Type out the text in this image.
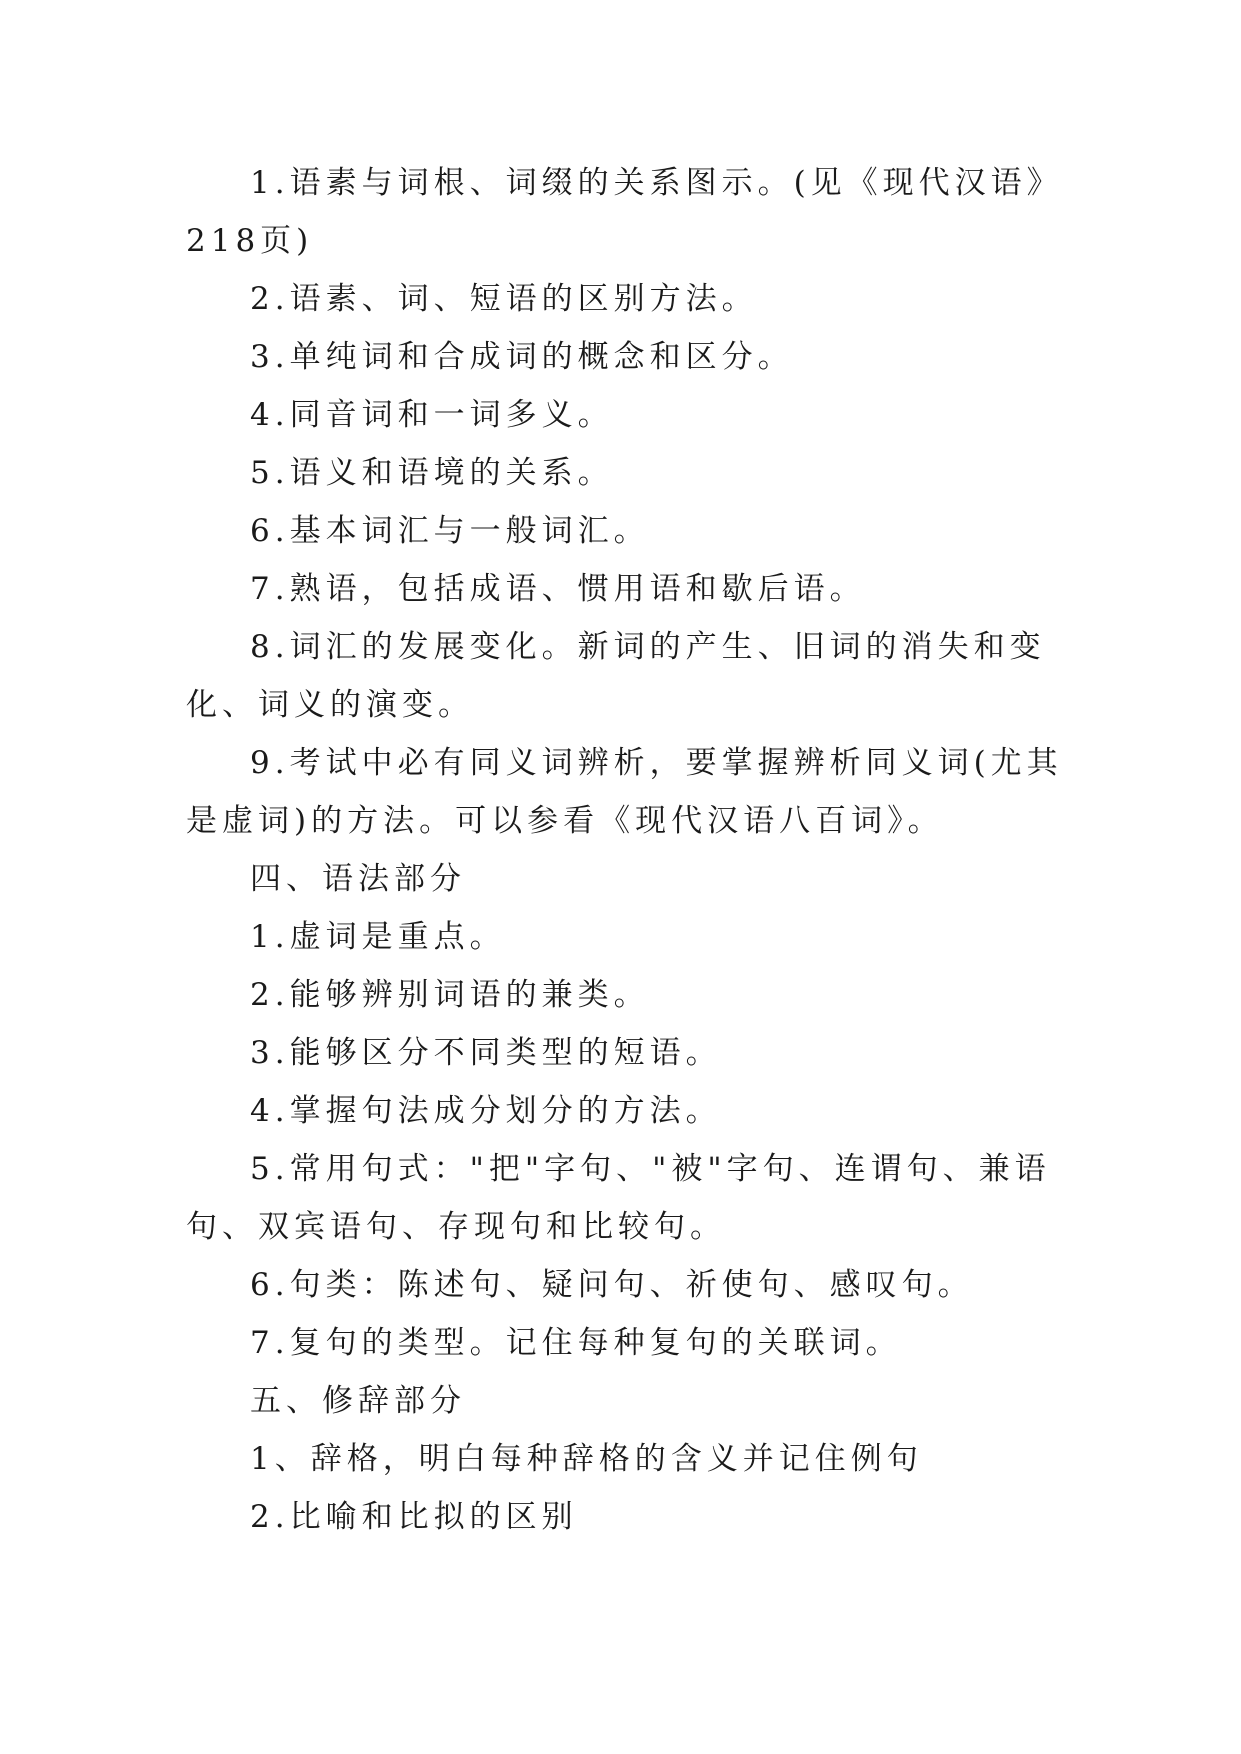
1.语素与词根、词缀的关系图示。(见《现代汉语》218页)

2.语素、词、短语的区别方法。

3.单纯词和合成词的概念和区分。

4.同音词和一词多义。

5.语义和语境的关系。

6.基本词汇与一般词汇。

7.熟语，包括成语、惯用语和歇后语。

8.词汇的发展变化。新词的产生、旧词的消失和变化、词义的演变。

9.考试中必有同义词辨析，要掌握辨析同义词(尤其是虚词)的方法。可以参看《现代汉语八百词》。

四、语法部分

1.虚词是重点。

2.能够辨别词语的兼类。

3.能够区分不同类型的短语。

4.掌握句法成分划分的方法。

5.常用句式："把"字句、"被"字句、连谓句、兼语句、双宾语句、存现句和比较句。

6.句类：陈述句、疑问句、祈使句、感叹句。

7.复句的类型。记住每种复句的关联词。

五、修辞部分

1、辞格，明白每种辞格的含义并记住例句

2.比喻和比拟的区别
